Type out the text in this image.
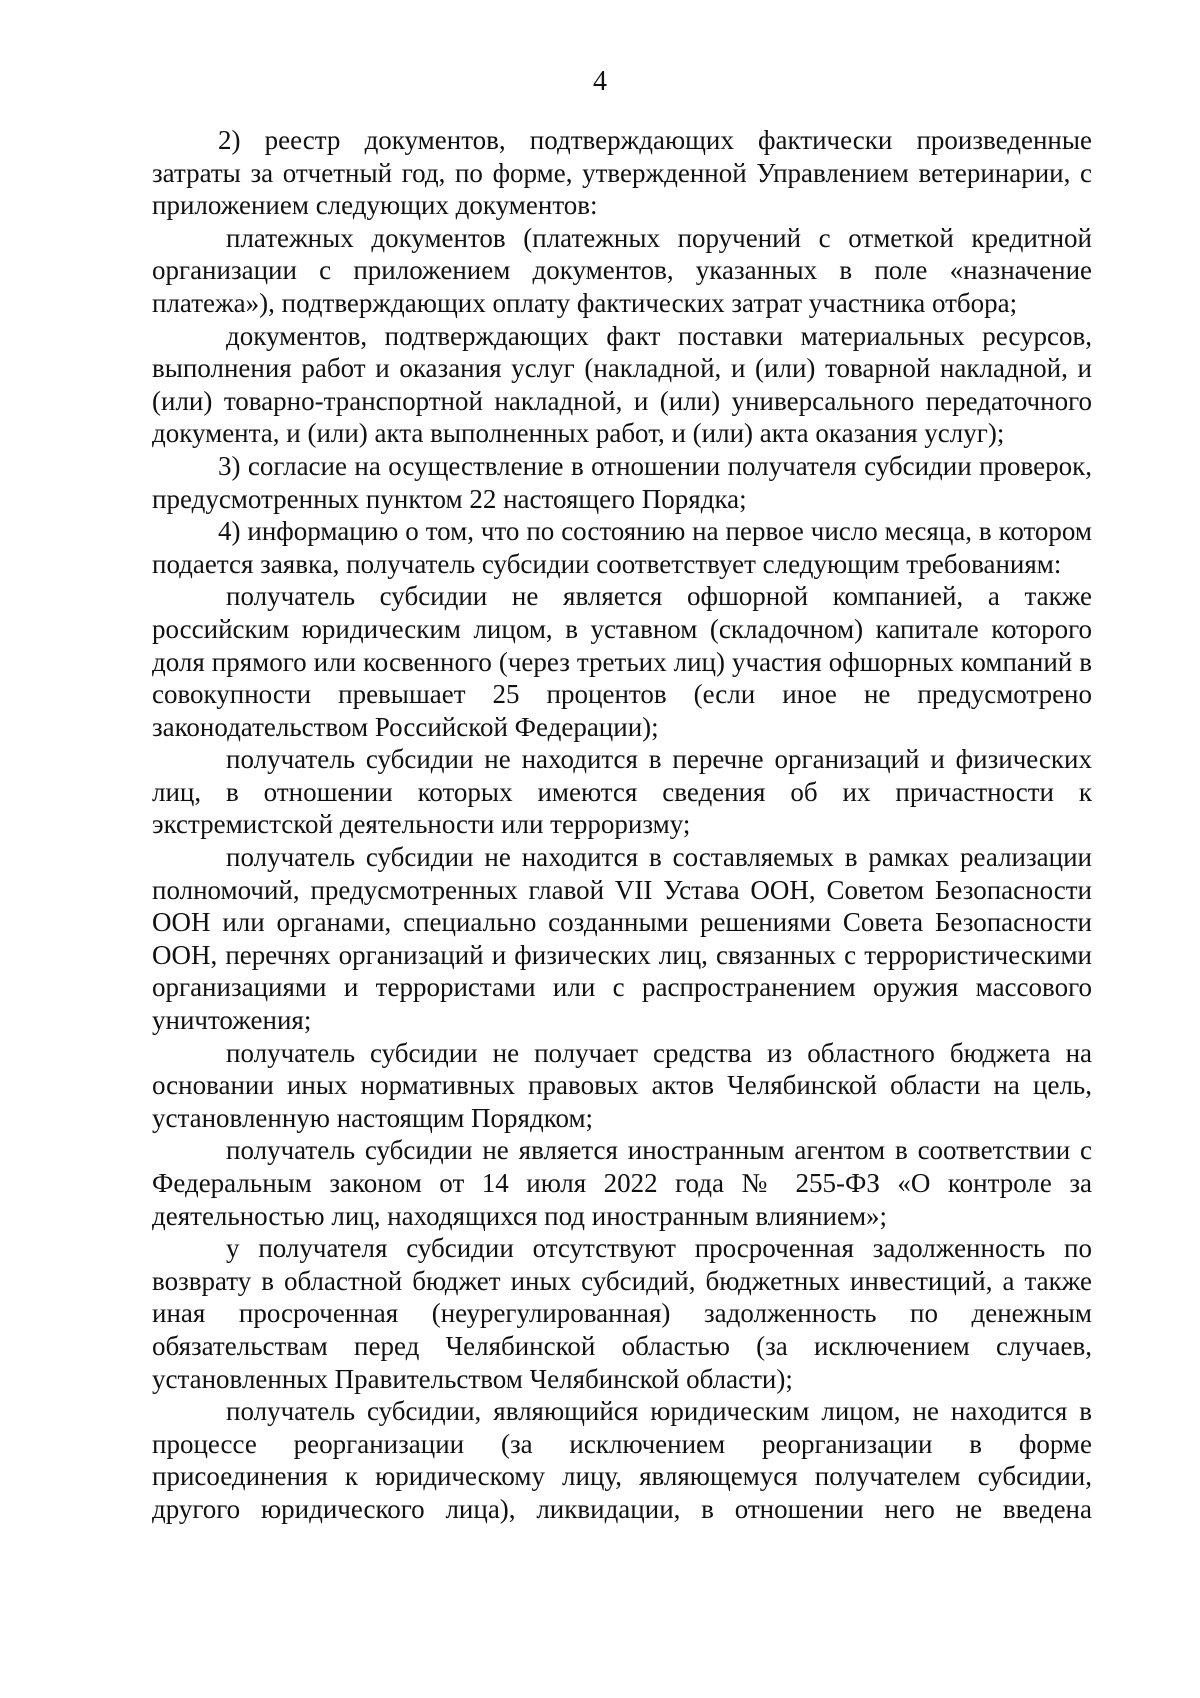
4

2) реестр документов, подтверждающих фактически произведенные затраты за отчетный год, по форме, утвержденной Управлением ветеринарии, с приложением следующих документов:

платежных документов (платежных поручений с отметкой кредитной организации с приложением документов, указанных в поле «назначение платежа»), подтверждающих оплату фактических затрат участника отбора;

документов, подтверждающих факт поставки материальных ресурсов, выполнения работ и оказания услуг (накладной, и (или) товарной накладной, и (или) товарно-транспортной накладной, и (или) универсального передаточного документа, и (или) акта выполненных работ, и (или) акта оказания услуг);

3) согласие на осуществление в отношении получателя субсидии проверок, предусмотренных пунктом 22 настоящего Порядка;

4) информацию о том, что по состоянию на первое число месяца, в котором подается заявка, получатель субсидии соответствует следующим требованиям:

получатель субсидии не является офшорной компанией, а также российским юридическим лицом, в уставном (складочном) капитале которого доля прямого или косвенного (через третьих лиц) участия офшорных компаний в совокупности превышает 25 процентов (если иное не предусмотрено законодательством Российской Федерации);

получатель субсидии не находится в перечне организаций и физических лиц, в отношении которых имеются сведения об их причастности к экстремистской деятельности или терроризму;

получатель субсидии не находится в составляемых в рамках реализации полномочий, предусмотренных главой VII Устава ООН, Советом Безопасности ООН или органами, специально созданными решениями Совета Безопасности ООН, перечнях организаций и физических лиц, связанных с террористическими организациями и террористами или с распространением оружия массового уничтожения;

получатель субсидии не получает средства из областного бюджета на основании иных нормативных правовых актов Челябинской области на цель, установленную настоящим Порядком;

получатель субсидии не является иностранным агентом в соответствии с Федеральным законом от 14 июля 2022 года № 255-ФЗ «О контроле за деятельностью лиц, находящихся под иностранным влиянием»;

у получателя субсидии отсутствуют просроченная задолженность по возврату в областной бюджет иных субсидий, бюджетных инвестиций, а также иная просроченная (неурегулированная) задолженность по денежным обязательствам перед Челябинской областью (за исключением случаев, установленных Правительством Челябинской области);

получатель субсидии, являющийся юридическим лицом, не находится в процессе реорганизации (за исключением реорганизации в форме присоединения к юридическому лицу, являющемуся получателем субсидии, другого юридического лица), ликвидации, в отношении него не введена
